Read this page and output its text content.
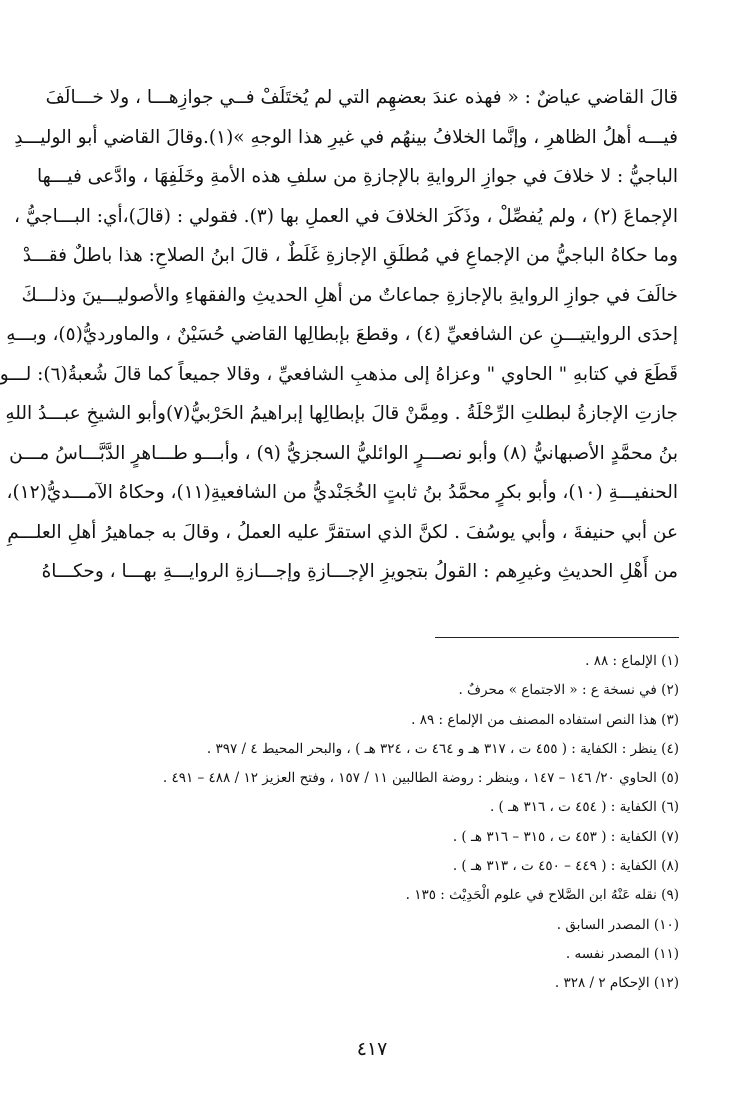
قالَ القاضي عياضٌ : « فهذه عندَ بعضهِم التي لم يُختَلَفْ فــي جوازِهـــا ، ولا خـــالَفَ
فيـــه أهلُ الظاهرِ ، وإنَّما الخلافُ بينهُم في غيرِ هذا الوجهِ »(١).وقالَ القاضي أبو الوليـــدِ
الباجيُّ : لا خلافَ في جوازِ الروايةِ بالإجازةِ من سلفِ هذه الأمةِ وخَلَفِهَا ، وادَّعى فيـــها
الإجماعَ (٢) ، ولم يُفصِّلْ ، وذَكَرَ الخلافَ في العملِ بها (٣). فقولي : (قالَ)،أي: البـــاجيُّ ،
وما حكاهُ الباجيُّ من الإجماعِ في مُطلَقِ الإجازةِ غَلَطٌ ، قالَ ابنُ الصلاحِ: هذا باطلٌ فقـــدْ
خالَفَ في جوازِ الروايةِ بالإجازةِ جماعاتٌ من أهلِ الحديثِ والفقهاءِ والأصوليـــينَ وذلـــكَ
إحدَى الروايتيـــنِ عن الشافعيِّ (٤) ، وقطعَ بإبطالِها القاضي حُسَيْنٌ ، والماورديُّ(٥)، وبـــهِ
قَطَعَ في كتابهِ " الحاوي " وعزاهُ إلى مذهبِ الشافعيِّ ، وقالا جميعاً كما قالَ شُعبةُ(٦): لـــو
جازتِ الإجازةُ لبطلتِ الرِّحْلَةُ . ومِمَّنْ قالَ بإبطالِها إبراهيمُ الحَرْبيُّ(٧)وأبو الشيخِ عبـــدُ اللهِ
بنُ محمَّدٍ الأصبهانيُّ (٨) وأبو نصـــرٍ الوائليُّ السجزيُّ (٩) ، وأبـــو طـــاهرٍ الدَّبَّـــاسُ مـــن
الحنفيـــةِ (١٠)، وأبو بكرٍ محمَّدُ بنُ ثابتٍ الخُجَنْديُّ من الشافعيةِ(١١)، وحكاهُ الآمـــديُّ(١٢)،
عن أبي حنيفةَ ، وأبي يوسُفَ . لكنَّ الذي استقرَّ عليه العملُ ، وقالَ به جماهيرُ أهلِ العلـــمِ
من أَهْلِ الحديثِ وغيرِهم : القولُ بتجويزِ الإجـــازةِ وإجـــازةِ الروايـــةِ بهـــا ، وحكـــاهُ
(١) الإلماع : ٨٨ .
(٢) في نسخة ع : « الاجتماع » محرفٌ .
(٣) هذا النص استفاده المصنف من الإلماع : ٨٩ .
(٤) ينظر : الكفاية : ( ٤٥٥ ت ، ٣١٧ هـ و ٤٦٤ ت ، ٣٢٤ هـ ) ، والبحر المحيط ٤ / ٣٩٧ .
(٥) الحاوي ٢٠/ ١٤٦ – ١٤٧ ، وينظر : روضة الطالبين ١١ / ١٥٧ ، وفتح العزيز ١٢ / ٤٨٨ – ٤٩١ .
(٦) الكفاية : ( ٤٥٤ ت ، ٣١٦ هـ ) .
(٧) الكفاية : ( ٤٥٣ ت ، ٣١٥ – ٣١٦ هـ ) .
(٨) الكفاية : ( ٤٤٩ – ٤٥٠ ت ، ٣١٣ هـ ) .
(٩) نقله عَنْهُ ابن الصَّلاح في علوم الْحَدِيْث : ١٣٥ .
(١٠) المصدر السابق .
(١١) المصدر نفسه .
(١٢) الإحكام ٢ / ٣٢٨ .
٤١٧
